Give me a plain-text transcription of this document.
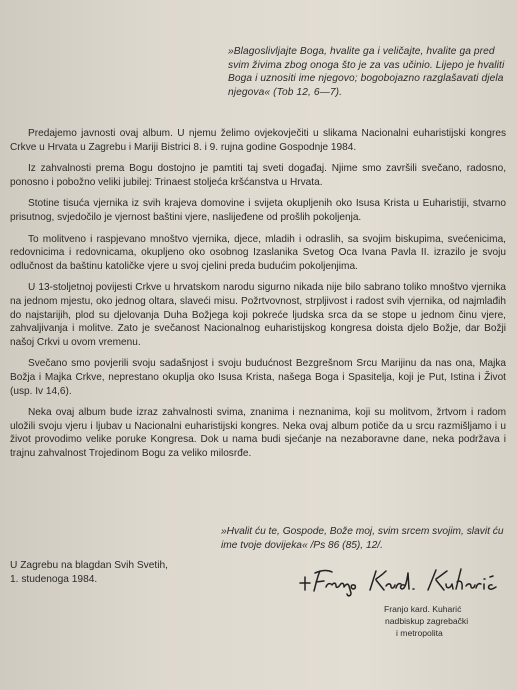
»Blagoslivljajte Boga, hvalite ga i veličajte, hvalite ga pred svim živima zbog onoga što je za vas učinio. Lijepo je hvaliti Boga i uznositi ime njegovo; bogobojazno razglašavati djela njegova« (Tob 12, 6—7).

Predajemo javnosti ovaj album. U njemu želimo ovjekovječiti u slikama Nacionalni euharistijski kongres Crkve u Hrvata u Zagrebu i Mariji Bistrici 8. i 9. rujna godine Gospodnje 1984.

Iz zahvalnosti prema Bogu dostojno je pamtiti taj sveti događaj. Njime smo završili svečano, radosno, ponosno i pobožno veliki jubilej: Trinaest stoljeća kršćanstva u Hrvata.

Stotine tisuća vjernika iz svih krajeva domovine i svijeta okupljenih oko Isusa Krista u Euharistiji, stvarno prisutnog, svjedočilo je vjernost baštini vjere, naslijeđene od prošlih pokoljenja.

To molitveno i raspjevano mnoštvo vjernika, djece, mladih i odraslih, sa svojim biskupima, svećenicima, redovnicima i redovnicama, okupljeno oko osobnog Izaslanika Svetog Oca Ivana Pavla II. izrazilo je svoju odlučnost da baštinu katoličke vjere u svoj cjelini preda budućim pokoljenjima.

U 13-stoljetnoj povijesti Crkve u hrvatskom narodu sigurno nikada nije bilo sabrano toliko mnoštvo vjernika na jednom mjestu, oko jednog oltara, slaveći misu. Požrtvovnost, strpljivost i radost svih vjernika, od najmlađih do najstarijih, plod su djelovanja Duha Božjega koji pokreće ljudska srca da se stope u jednom činu vjere, zahvaljivanja i molitve. Zato je svečanost Nacionalnog euharistijskog kongresa doista djelo Božje, dar Božji našoj Crkvi u ovom vremenu.

Svečano smo povjerili svoju sadašnjost i svoju budućnost Bezgrešnom Srcu Marijinu da nas ona, Majka Božja i Majka Crkve, neprestano okuplja oko Isusa Krista, našega Boga i Spasitelja, koji je Put, Istina i Život (usp. Iv 14,6).

Neka ovaj album bude izraz zahvalnosti svima, znanima i neznanima, koji su molitvom, žrtvom i radom uložili svoju vjeru i ljubav u Nacionalni euharistijski kongres. Neka ovaj album potiče da u srcu razmišljamo i u život provodimo velike poruke Kongresa. Dok u nama budi sjećanje na nezaboravne dane, neka podržava i trajnu zahvalnost Trojedinom Bogu za veliko milosrđe.

»Hvalit ću te, Gospode, Bože moj, svim srcem svojim, slavit ću ime tvoje dovijeka« /Ps 86 (85), 12/.
U Zagrebu na blagdan Svih Svetih,
1. studenoga 1984.
Franjo kard. Kuharić
nadbiskup zagrebački
i metropolita
